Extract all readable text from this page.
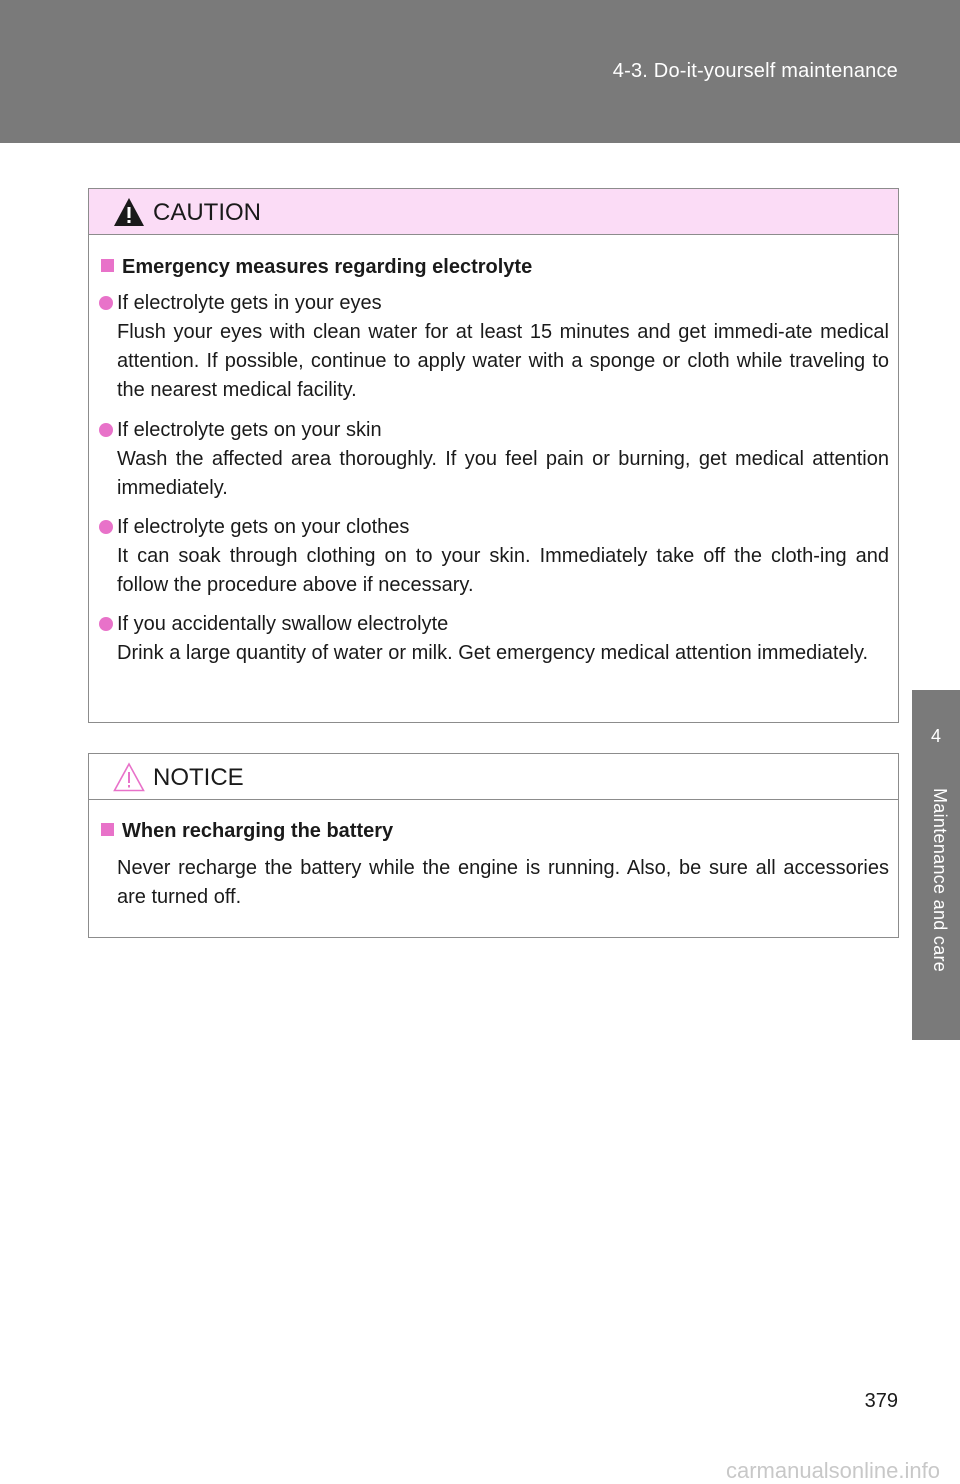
4-3. Do-it-yourself maintenance
4
Maintenance and care
CAUTION
Emergency measures regarding electrolyte
If electrolyte gets in your eyes
Flush your eyes with clean water for at least 15 minutes and get immedi-ate medical attention. If possible, continue to apply water with a sponge or cloth while traveling to the nearest medical facility.
If electrolyte gets on your skin
Wash the affected area thoroughly. If you feel pain or burning, get medical attention immediately.
If electrolyte gets on your clothes
It can soak through clothing on to your skin. Immediately take off the cloth-ing and follow the procedure above if necessary.
If you accidentally swallow electrolyte
Drink a large quantity of water or milk. Get emergency medical attention immediately.
NOTICE
When recharging the battery
Never recharge the battery while the engine is running. Also, be sure all accessories are turned off.
379
carmanualsonline.info
